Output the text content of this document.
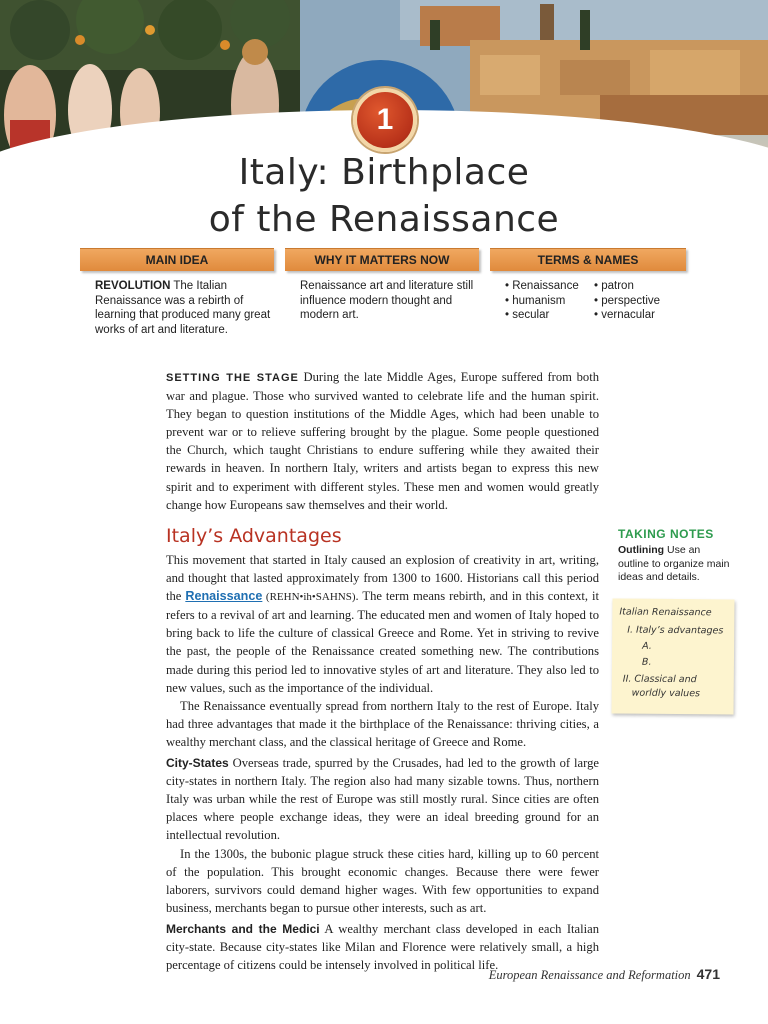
1
Italy: Birthplace
of the Renaissance
MAIN IDEA	WHY IT MATTERS NOW	TERMS & NAMES
REVOLUTION The Italian Renaissance was a rebirth of learning that produced many great works of art and literature.
Renaissance art and literature still influence modern thought and modern art.
• Renaissance
• humanism
• secular
• patron
• perspective
• vernacular
SETTING THE STAGE During the late Middle Ages, Europe suffered from both war and plague. Those who survived wanted to celebrate life and the human spirit. They began to question institutions of the Middle Ages, which had been unable to prevent war or to relieve suffering brought by the plague. Some people questioned the Church, which taught Christians to endure suffering while they awaited their rewards in heaven. In northern Italy, writers and artists began to express this new spirit and to experiment with different styles. These men and women would greatly change how Europeans saw themselves and their world.
Italy’s Advantages

This movement that started in Italy caused an explosion of creativity in art, writing, and thought that lasted approximately from 1300 to 1600. Historians call this period the Renaissance (REHN•ih•SAHNS). The term means rebirth, and in this context, it refers to a revival of art and learning. The educated men and women of Italy hoped to bring back to life the culture of classical Greece and Rome. Yet in striving to revive the past, the people of the Renaissance created something new. The contributions made during this period led to innovative styles of art and literature. They also led to new values, such as the importance of the individual.

The Renaissance eventually spread from northern Italy to the rest of Europe. Italy had three advantages that made it the birthplace of the Renaissance: thriving cities, a wealthy merchant class, and the classical heritage of Greece and Rome.

City-States Overseas trade, spurred by the Crusades, had led to the growth of large city-states in northern Italy. The region also had many sizable towns. Thus, northern Italy was urban while the rest of Europe was still mostly rural. Since cities are often places where people exchange ideas, they were an ideal breeding ground for an intellectual revolution.

In the 1300s, the bubonic plague struck these cities hard, killing up to 60 percent of the population. This brought economic changes. Because there were fewer laborers, survivors could demand higher wages. With few opportunities to expand business, merchants began to pursue other interests, such as art.

Merchants and the Medici A wealthy merchant class developed in each Italian city-state. Because city-states like Milan and Florence were relatively small, a high percentage of citizens could be intensely involved in political life.

TAKING NOTES
Outlining Use an outline to organize main ideas and details.
Italian Renaissance
I. Italy’s advantages
A.
B.
II. Classical and
worldly values
European Renaissance and Reformation 471
